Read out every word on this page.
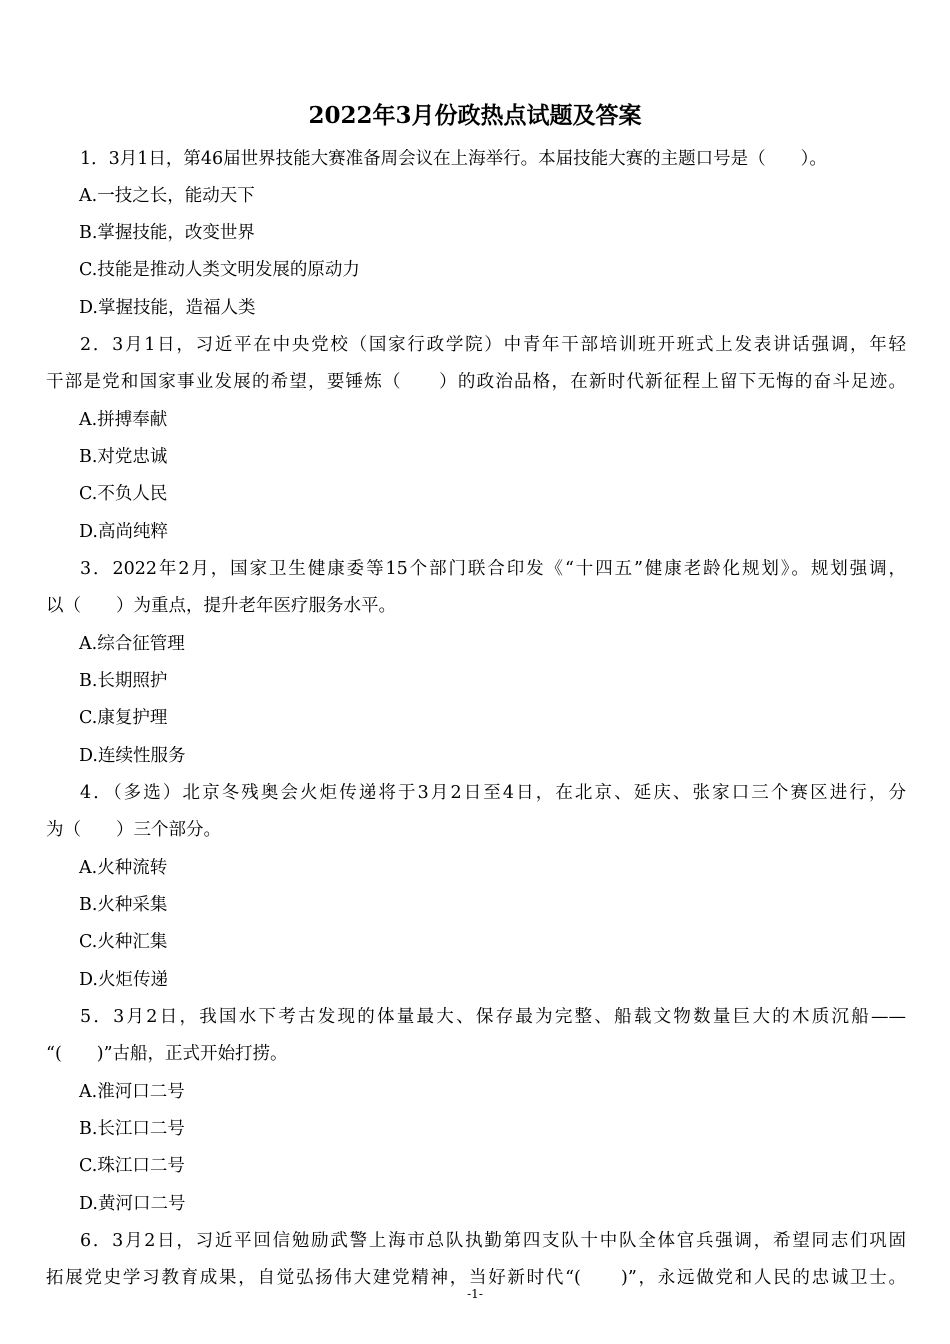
2022年3月份政热点试题及答案
1．3月1日，第46届世界技能大赛准备周会议在上海举行。本届技能大赛的主题口号是（　　）。
A.一技之长，能动天下
B.掌握技能，改变世界
C.技能是推动人类文明发展的原动力
D.掌握技能，造福人类
2．3月1日，习近平在中央党校（国家行政学院）中青年干部培训班开班式上发表讲话强调，年轻
干部是党和国家事业发展的希望，要锤炼（　　）的政治品格，在新时代新征程上留下无悔的奋斗足迹。
A.拼搏奉献
B.对党忠诚
C.不负人民
D.高尚纯粹
3．2022年2月，国家卫生健康委等15个部门联合印发《“十四五”健康老龄化规划》。规划强调，
以（　　）为重点，提升老年医疗服务水平。
A.综合征管理
B.长期照护
C.康复护理
D.连续性服务
4．（多选）北京冬残奥会火炬传递将于3月2日至4日，在北京、延庆、张家口三个赛区进行，分
为（　　）三个部分。
A.火种流转
B.火种采集
C.火种汇集
D.火炬传递
5．3月2日，我国水下考古发现的体量最大、保存最为完整、船载文物数量巨大的木质沉船——
“(　　)”古船，正式开始打捞。
A.淮河口二号
B.长江口二号
C.珠江口二号
D.黄河口二号
6．3月2日，习近平回信勉励武警上海市总队执勤第四支队十中队全体官兵强调，希望同志们巩固
拓展党史学习教育成果，自觉弘扬伟大建党精神，当好新时代“(　　)”，永远做党和人民的忠诚卫士。
-1-
